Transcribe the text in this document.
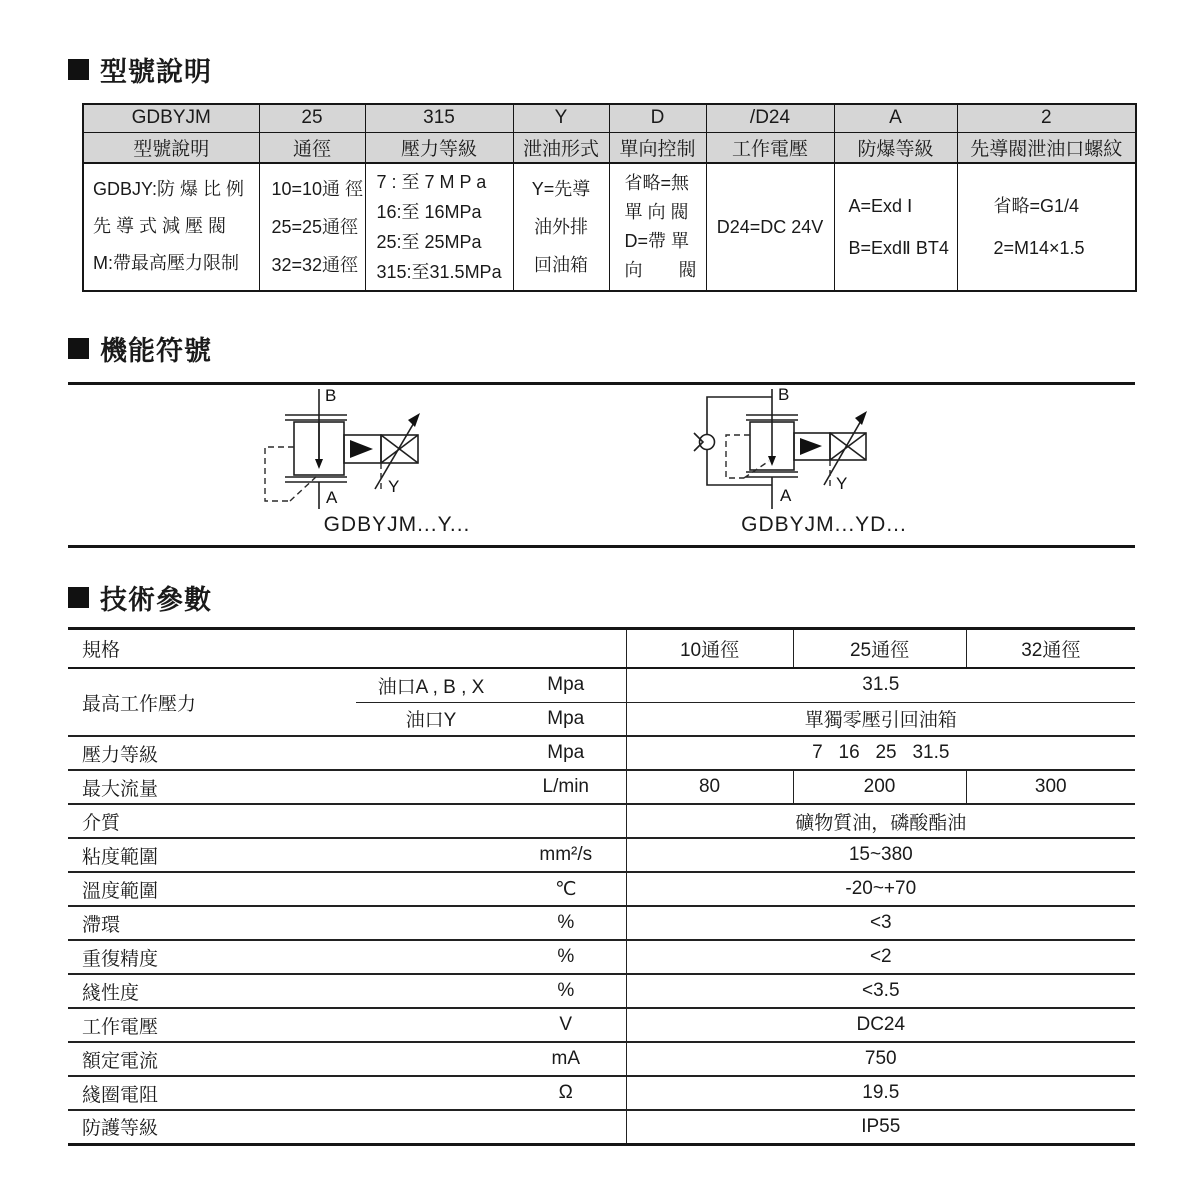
型號說明
GDBYJM	25	315	Y	D	/D24	A	2
型號說明	通徑	壓力等級	泄油形式	單向控制	工作電壓	防爆等級	先導閥泄油口螺紋

GDBJY:防 爆 比 例
先 導 式 減 壓 閥
M:帶最高壓力限制

10=10通 徑
25=25通徑
32=32通徑

7 : 至 7 M P a
16:至 16MPa
25:至 25MPa
315:至31.5MPa

Y=先導
油外排
回油箱

省略=無
單 向 閥
D=帶 單
向　　閥

D24=DC 24V

A=Exd Ⅰ
B=ExdⅡ BT4

省略=G1/4
2=M14×1.5
機能符號
B
A
Y
GDBYJM...Y...
B
A
Y
GDBYJM...YD...
技術參數
規格			10通徑	25通徑	32通徑
最高工作壓力	油口A , B , X	Mpa	31.5		
	油口Y	Mpa	單獨零壓引回油箱		
壓力等級		Mpa	7   16   25   31.5		
最大流量		L/min	80	200	300
介質			礦物質油，磷酸酯油		
粘度範圍		mm²/s	15~380		
溫度範圍		℃	-20~+70		
滯環		%	<3		
重復精度		%	<2		
綫性度		%	<3.5		
工作電壓		V	DC24		
額定電流		mA	750		
綫圈電阻		Ω	19.5		
防護等級			IP55		
